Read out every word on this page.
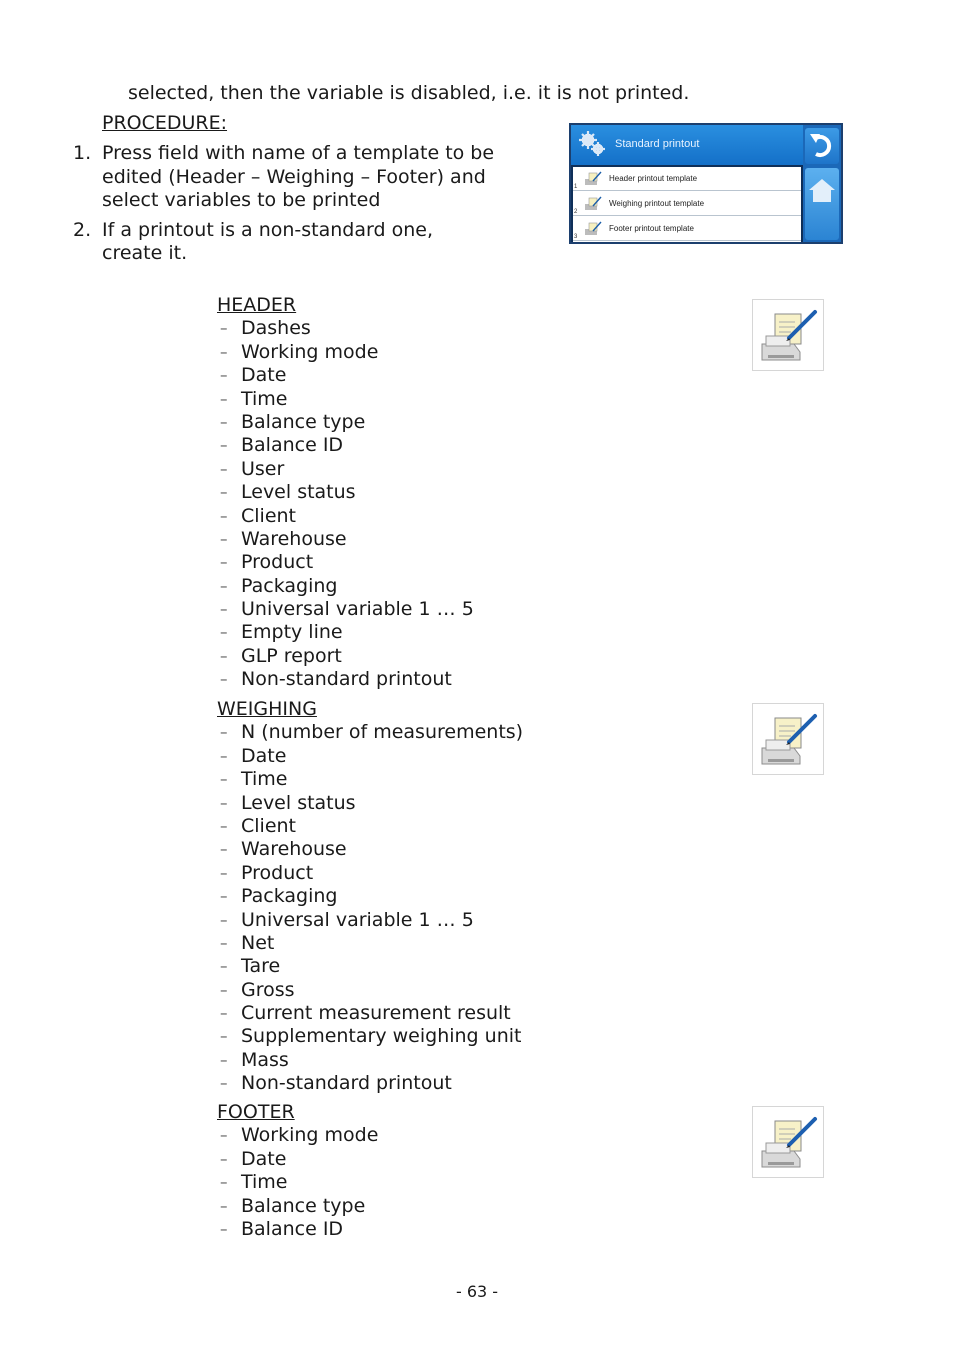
selected, then the variable is disabled, i.e. it is not printed.
PROCEDURE:
1. Press field with name of a template to be
edited (Header – Weighing – Footer) and
select variables to be printed
2. If a printout is a non-standard one,
create it.
Standard printout
1
Header printout template
2
Weighing printout template
3
Footer printout template
HEADER
– Dashes
– Working mode
– Date
– Time
– Balance type
– Balance ID
– User
– Level status
– Client
– Warehouse
– Product
– Packaging
– Universal variable 1 … 5
– Empty line
– GLP report
– Non-standard printout
WEIGHING
– N (number of measurements)
– Date
– Time
– Level status
– Client
– Warehouse
– Product
– Packaging
– Universal variable 1 … 5
– Net
– Tare
– Gross
– Current measurement result
– Supplementary weighing unit
– Mass
– Non-standard printout
FOOTER
– Working mode
– Date
– Time
– Balance type
– Balance ID
- 63 -
